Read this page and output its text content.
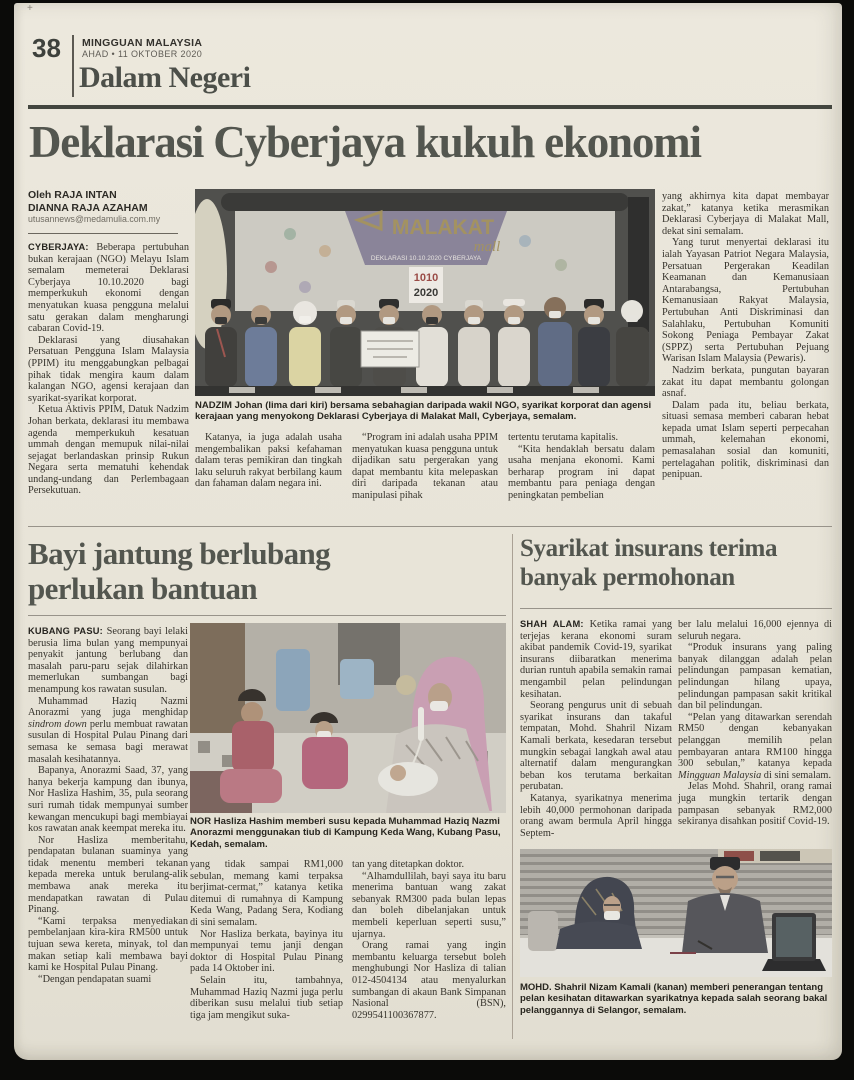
+
38 MINGGUAN MALAYSIA
AHAD • 11 OKTOBER 2020
Dalam Negeri
Deklarasi Cyberjaya kukuh ekonomi
Oleh RAJA INTAN
DIANNA RAJA AZAHAM
utusannews@medamulia.com.my

CYBERJAYA: Beberapa pertubuhan bukan kerajaan (NGO) Melayu Islam semalam memeterai Deklarasi Cyberjaya 10.10.2020 bagi memperkukuh ekonomi dengan menyatukan kuasa pengguna melalui satu gerakan dalam mengharungi cabaran Covid-19.

Deklarasi yang diusahakan Persatuan Pengguna Islam Malaysia (PPIM) itu menggabungkan pelbagai pihak tidak mengira kaum dalam kalangan NGO, agensi kerajaan dan syarikat-syarikat korporat.

Ketua Aktivis PPIM, Datuk Nadzim Johan berkata, deklarasi itu membawa agenda memperkukuh kesatuan ummah dengan memupuk nilai-nilai sejagat berlandaskan prinsip Rukun Negara serta mematuhi kehendak undang-undang dan Perlembagaan Persekutuan.

MALAKAT
mall
DEKLARASI 10.10.2020 CYBERJAYA
1010
2020
NADZIM Johan (lima dari kiri) bersama sebahagian daripada wakil NGO, syarikat korporat dan agensi kerajaan yang menyokong Deklarasi Cyberjaya di Malakat Mall, Cyberjaya, semalam.

Katanya, ia juga adalah usaha mengembalikan paksi kefahaman dalam teras pemikiran dan tingkah laku seluruh rakyat berbilang kaum dan fahaman dalam negara ini.

“Program ini adalah usaha PPIM menyatukan kuasa pengguna untuk dijadikan satu pergerakan yang dapat membantu kita melepaskan diri daripada tekanan atau manipulasi pihak

tertentu terutama kapitalis.

“Kita hendaklah bersatu dalam usaha menjana ekonomi. Kami berharap program ini dapat membantu para peniaga dengan peningkatan pembelian

yang akhirnya kita dapat membayar zakat,” katanya ketika merasmikan Deklarasi Cyberjaya di Malakat Mall, dekat sini semalam.

Yang turut menyertai deklarasi itu ialah Yayasan Patriot Negara Malaysia, Persatuan Pergerakan Keadilan Keamanan dan Kemanusiaan Antarabangsa, Pertubuhan Kemanusiaan Rakyat Malaysia, Pertubuhan Anti Diskriminasi dan Salahlaku, Pertubuhan Komuniti Sokong Peniaga Pembayar Zakat (SPPZ) serta Pertubuhan Pejuang Warisan Islam Malaysia (Pewaris).

Nadzim berkata, pungutan bayaran zakat itu dapat membantu golongan asnaf.

Dalam pada itu, beliau berkata, situasi semasa memberi cabaran hebat kepada umat Islam seperti perpecahan ummah, kelemahan ekonomi, pemasalahan sosial dan komuniti, pertelagahan politik, diskriminasi dan penipuan.

Bayi jantung berlubang
perlukan bantuan

KUBANG PASU: Seorang bayi lelaki berusia lima bulan yang mempunyai penyakit jantung berlubang dan masalah paru-paru sejak dilahirkan memerlukan sumbangan bagi menampung kos rawatan susulan.

Muhammad Haziq Nazmi Anorazmi yang juga menghidap sindrom down perlu membuat rawatan susulan di Hospital Pulau Pinang dari semasa ke semasa bagi merawat masalah kesihatannya.

Bapanya, Anorazmi Saad, 37, yang hanya bekerja kampung dan ibunya, Nor Hasliza Hashim, 35, pula seorang suri rumah tidak mempunyai sumber kewangan mencukupi bagi membiayai kos rawatan anak keempat mereka itu.

Nor Hasliza memberitahu, pendapatan bulanan suaminya yang tidak menentu memberi tekanan kepada mereka untuk berulang-alik membawa anak mereka itu mendapatkan rawatan di Pulau Pinang.

“Kami terpaksa menyediakan pembelanjaan kira-kira RM500 untuk tujuan sewa kereta, minyak, tol dan makan setiap kali membawa bayi kami ke Hospital Pulau Pinang.

“Dengan pendapatan suami

NOR Hasliza Hashim memberi susu kepada Muhammad Haziq Nazmi Anorazmi menggunakan tiub di Kampung Keda Wang, Kubang Pasu, Kedah, semalam.

yang tidak sampai RM1,000 sebulan, memang kami terpaksa berjimat-cermat,” katanya ketika ditemui di rumahnya di Kampung Keda Wang, Padang Sera, Kodiang di sini semalam.

Nor Hasliza berkata, bayinya itu mempunyai temu janji dengan doktor di Hospital Pulau Pinang pada 14 Oktober ini.

Selain itu, tambahnya, Muhammad Haziq Nazmi juga perlu diberikan susu melalui tiub setiap tiga jam mengikut suka-

tan yang ditetapkan doktor.

“Alhamdullilah, bayi saya itu baru menerima bantuan wang zakat sebanyak RM300 pada bulan lepas dan boleh dibelanjakan untuk membeli keperluan seperti susu,” ujarnya.

Orang ramai yang ingin membantu keluarga tersebut boleh menghubungi Nor Hasliza di talian 012-4504134 atau menyalurkan sumbangan di akaun Bank Simpanan Nasional (BSN), 0299541100367877.

Syarikat insurans terima
banyak permohonan

SHAH ALAM: Ketika ramai yang terjejas kerana ekonomi suram akibat pandemik Covid-19, syarikat insurans diibaratkan menerima durian runtuh apabila semakin ramai mengambil pelan pelindungan kesihatan.

Seorang pengurus unit di sebuah syarikat insurans dan takaful tempatan, Mohd. Shahril Nizam Kamali berkata, kesedaran tersebut mungkin sebagai langkah awal atau alternatif dalam mengurangkan beban kos terutama berkaitan perubatan.

Katanya, syarikatnya menerima lebih 40,000 permohonan daripada orang awam bermula April hingga Septem-

ber lalu melalui 16,000 ejennya di seluruh negara.

“Produk insurans yang paling banyak dilanggan adalah pelan pelindungan pampasan kematian, pelindungan hilang upaya, pelindungan pampasan sakit kritikal dan bil pelindungan.

“Pelan yang ditawarkan serendah RM50 dengan kebanyakan pelanggan memilih pelan pembayaran antara RM100 hingga 300 sebulan,” katanya kepada Mingguan Malaysia di sini semalam.

Jelas Mohd. Shahril, orang ramai juga mungkin tertarik dengan pampasan sebanyak RM2,000 sekiranya disahkan positif Covid-19.

MOHD. Shahril Nizam Kamali (kanan) memberi penerangan tentang pelan kesihatan ditawarkan syarikatnya kepada salah seorang bakal pelanggannya di Selangor, semalam.
